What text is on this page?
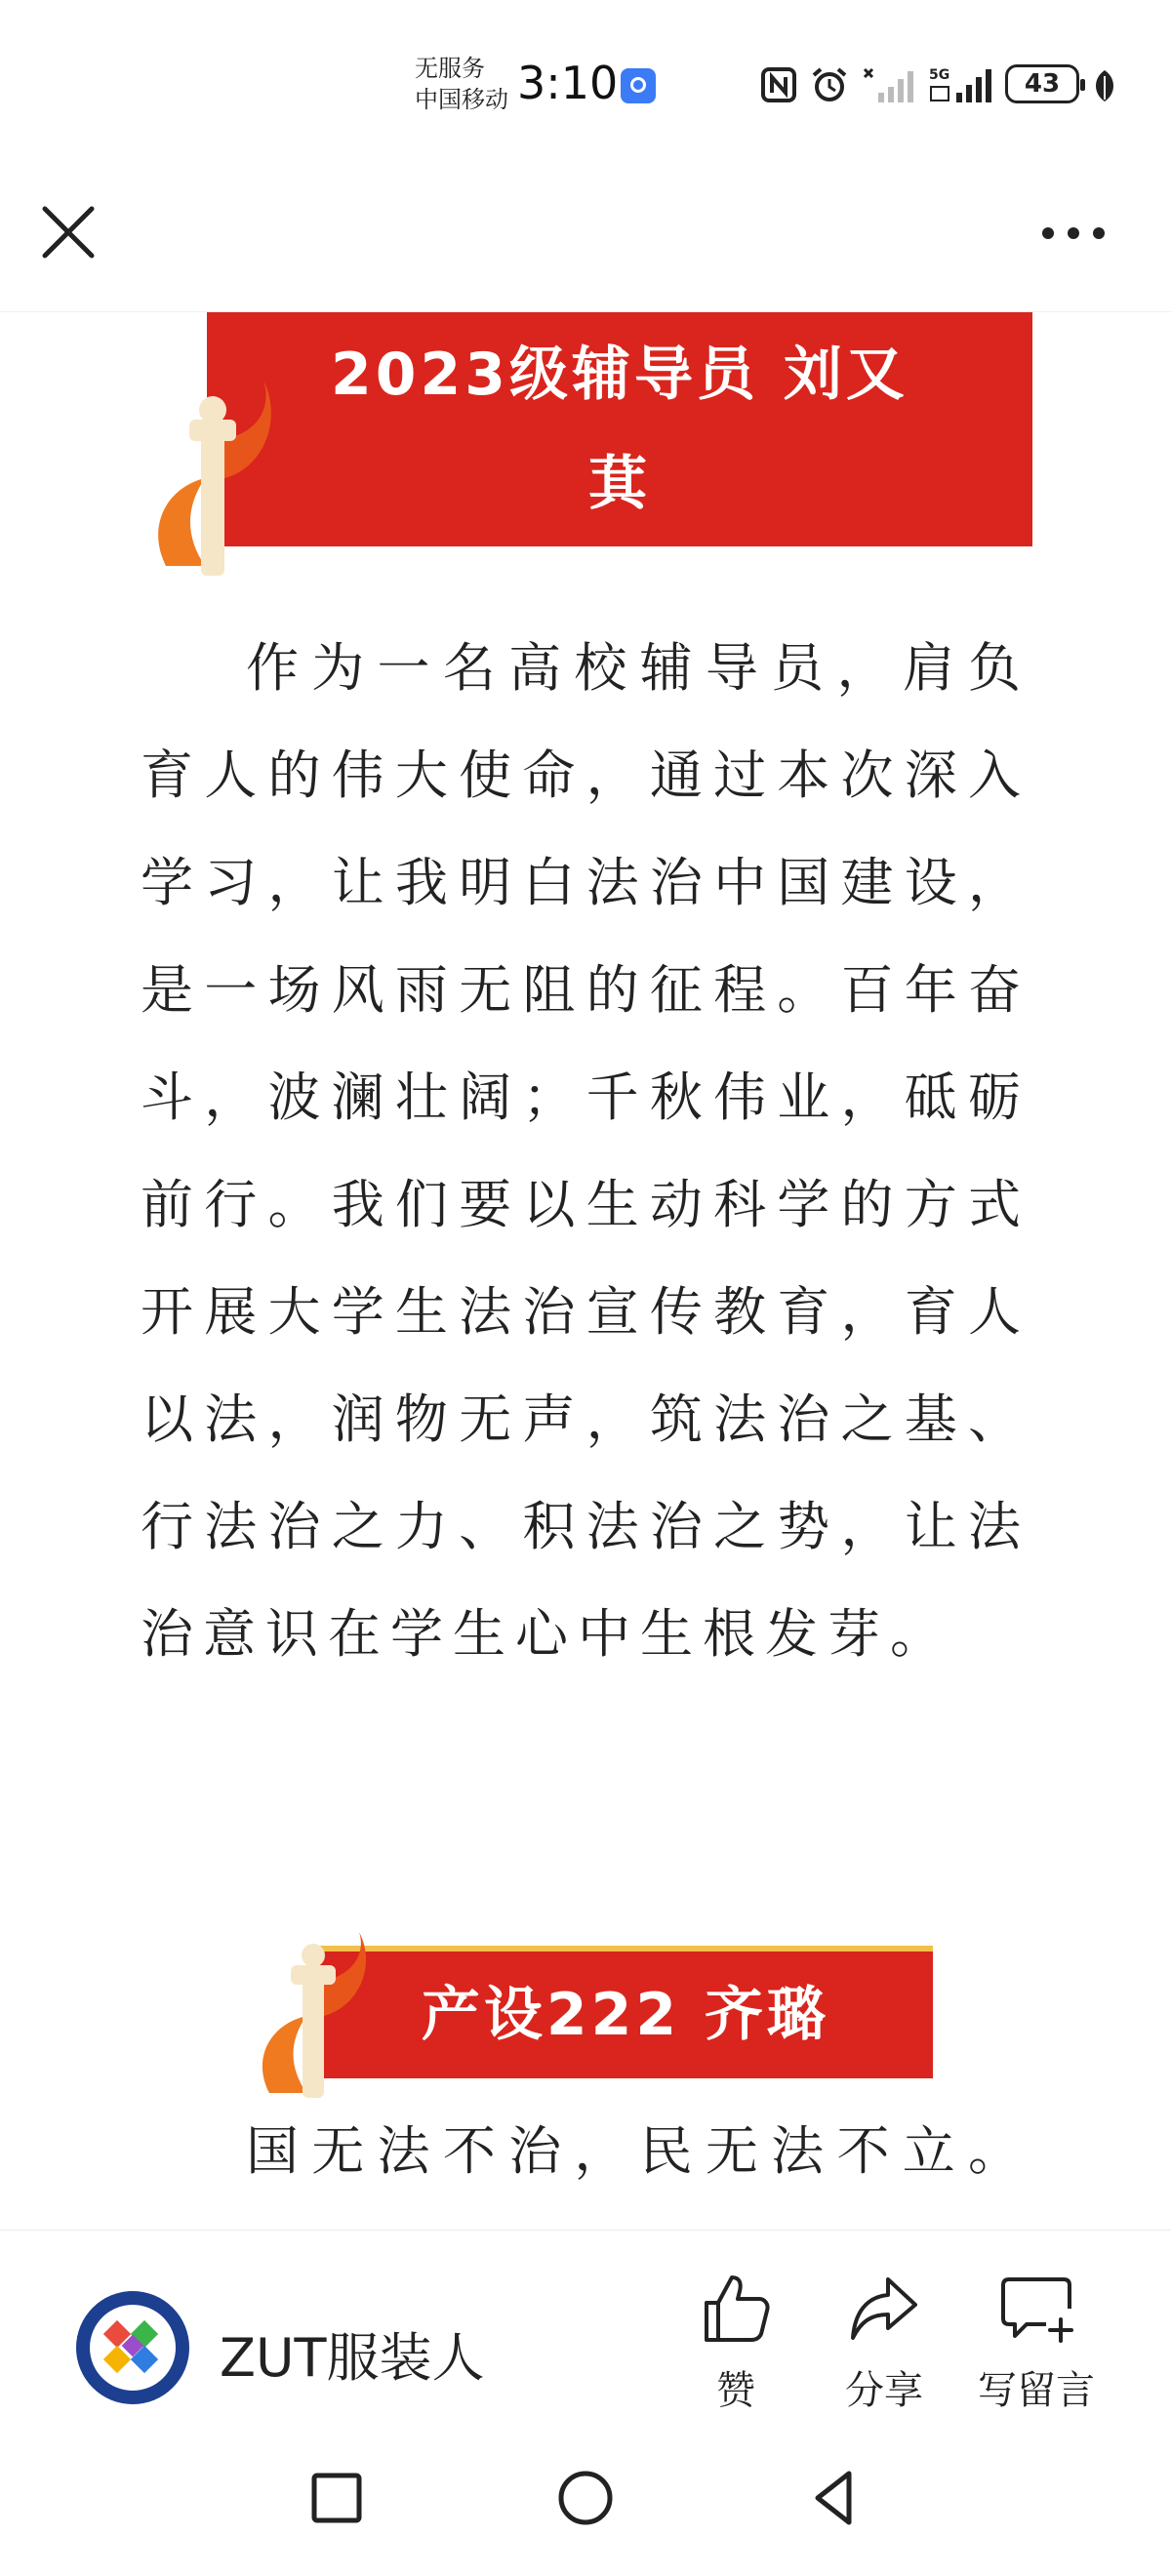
无服务
中国移动 3:10	5G	43
2023级辅导员 刘又
萁

作为一名高校辅导员，肩负育人的伟大使命，通过本次深入学习，让我明白法治中国建设，是一场风雨无阻的征程。百年奋斗，波澜壮阔；千秋伟业，砥砺前行。我们要以生动科学的方式开展大学生法治宣传教育，育人以法，润物无声，筑法治之基、行法治之力、积法治之势，让法治意识在学生心中生根发芽。

产设222 齐璐

国无法不治，民无法不立。

ZUT服装人
赞	分享	写留言
